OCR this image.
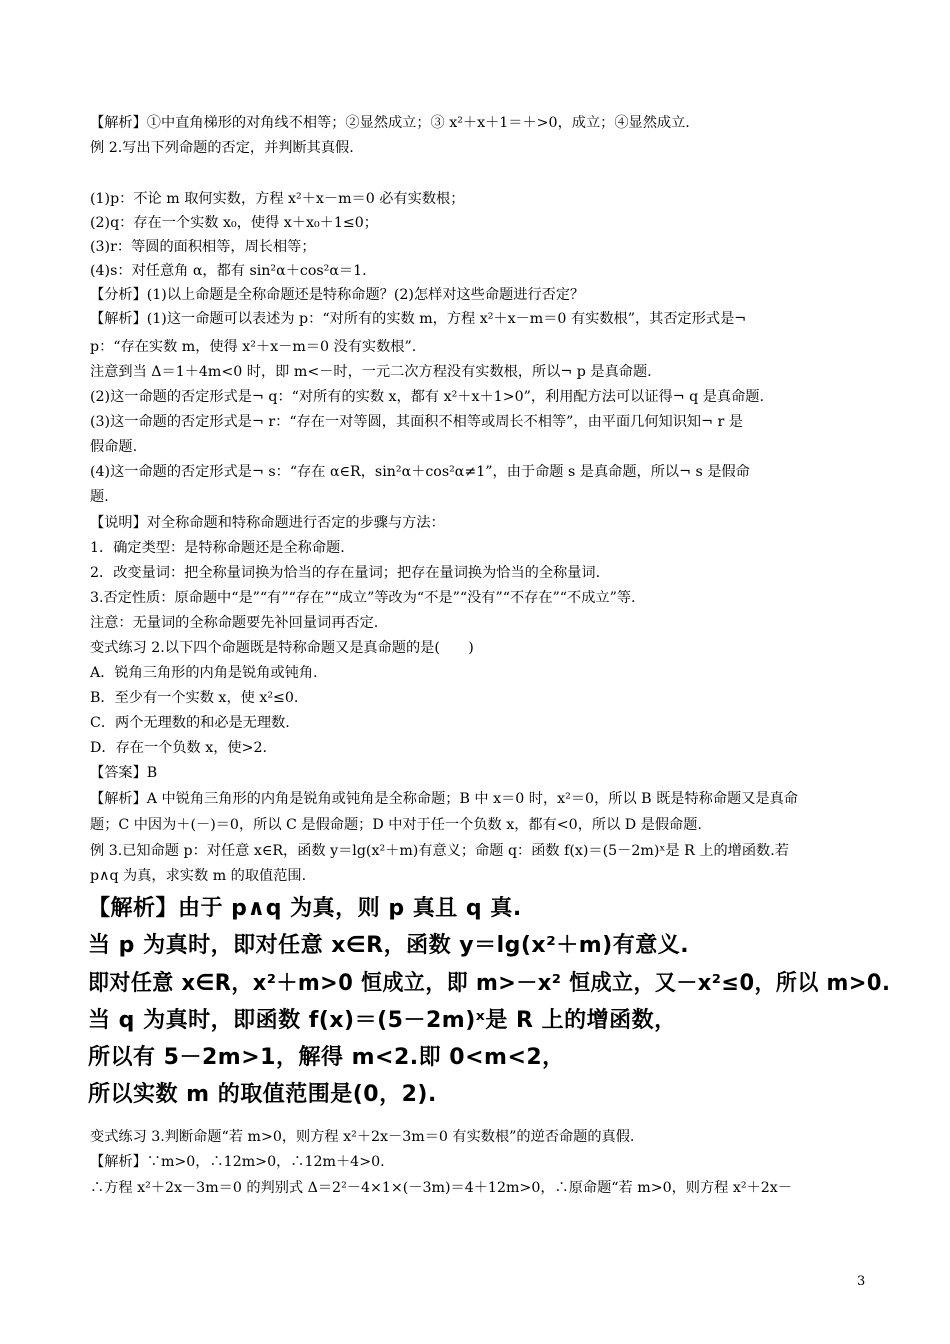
【解析】①中直角梯形的对角线不相等；②显然成立；③ x²＋x＋1＝＋>0，成立；④显然成立.
例 2.写出下列命题的否定，并判断其真假.
(1)p：不论 m 取何实数，方程 x²＋x－m＝0 必有实数根；
(2)q：存在一个实数 x₀，使得 x＋x₀＋1≤0；
(3)r：等圆的面积相等，周长相等；
(4)s：对任意角 α，都有 sin²α＋cos²α＝1.
【分析】(1)以上命题是全称命题还是特称命题？(2)怎样对这些命题进行否定？
【解析】(1)这一命题可以表述为 p：“对所有的实数 m，方程 x²＋x－m＝0 有实数根”，其否定形式是¬
p：“存在实数 m，使得 x²＋x－m＝0 没有实数根”.
注意到当 Δ＝1＋4m<0 时，即 m<－时，一元二次方程没有实数根，所以¬ p 是真命题.
(2)这一命题的否定形式是¬ q：“对所有的实数 x，都有 x²＋x＋1>0”，利用配方法可以证得¬ q 是真命题.
(3)这一命题的否定形式是¬ r：“存在一对等圆，其面积不相等或周长不相等”，由平面几何知识知¬ r 是
假命题.
(4)这一命题的否定形式是¬ s：“存在 α∈R，sin²α＋cos²α≠1”，由于命题 s 是真命题，所以¬ s 是假命
题.
【说明】对全称命题和特称命题进行否定的步骤与方法：
1．确定类型：是特称命题还是全称命题.
2．改变量词：把全称量词换为恰当的存在量词；把存在量词换为恰当的全称量词.
3.否定性质：原命题中“是”“有”“存在”“成立”等改为“不是”“没有”“不存在”“不成立”等.
注意：无量词的全称命题要先补回量词再否定.
变式练习 2.以下四个命题既是特称命题又是真命题的是(　　)
A．锐角三角形的内角是锐角或钝角.
B．至少有一个实数 x，使 x²≤0.
C．两个无理数的和必是无理数.
D．存在一个负数 x，使>2.
【答案】B
【解析】A 中锐角三角形的内角是锐角或钝角是全称命题；B 中 x＝0 时，x²＝0，所以 B 既是特称命题又是真命
题；C 中因为＋(－)＝0，所以 C 是假命题；D 中对于任一个负数 x，都有<0，所以 D 是假命题.
例 3.已知命题 p：对任意 x∈R，函数 y＝lg(x²＋m)有意义；命题 q：函数 f(x)＝(5－2m)ˣ是 R 上的增函数.若
p∧q 为真，求实数 m 的取值范围.
【解析】由于 p∧q 为真，则 p 真且 q 真.
当 p 为真时，即对任意 x∈R，函数 y＝lg(x²＋m)有意义.
即对任意 x∈R，x²＋m>0 恒成立，即 m>－x² 恒成立，又－x²≤0，所以 m>0.
当 q 为真时，即函数 f(x)＝(5－2m)ˣ是 R 上的增函数，
所以有 5－2m>1，解得 m<2.即 0<m<2，
所以实数 m 的取值范围是(0，2).
变式练习 3.判断命题“若 m>0，则方程 x²＋2x－3m＝0 有实数根”的逆否命题的真假.
【解析】∵m>0，∴12m>0，∴12m＋4>0.
∴方程 x²＋2x－3m＝0 的判别式 Δ＝2²－4×1×(－3m)＝4＋12m>0，∴原命题“若 m>0，则方程 x²＋2x－
3
